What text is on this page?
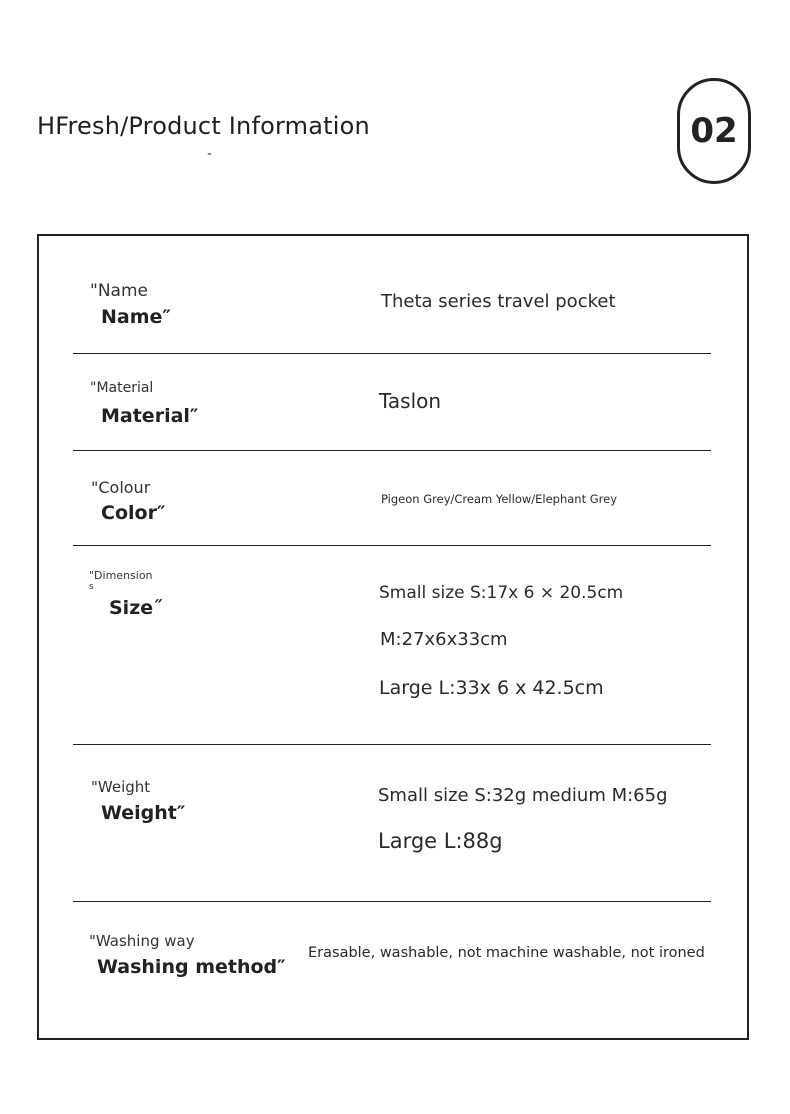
HFresh/Product Information
-
02
"Name
Name″
Theta series travel pocket
"Material
Material″
Taslon
"Colour
Color″
Pigeon Grey/Cream Yellow/Elephant Grey
"Dimension
s
Size˝
Small size S:17x 6 × 20.5cm
M:27x6x33cm
Large L:33x 6 x 42.5cm
"Weight
Weight″
Small size S:32g medium M:65g
Large L:88g
"Washing way
Washing method″
Erasable, washable, not machine washable, not ironed
